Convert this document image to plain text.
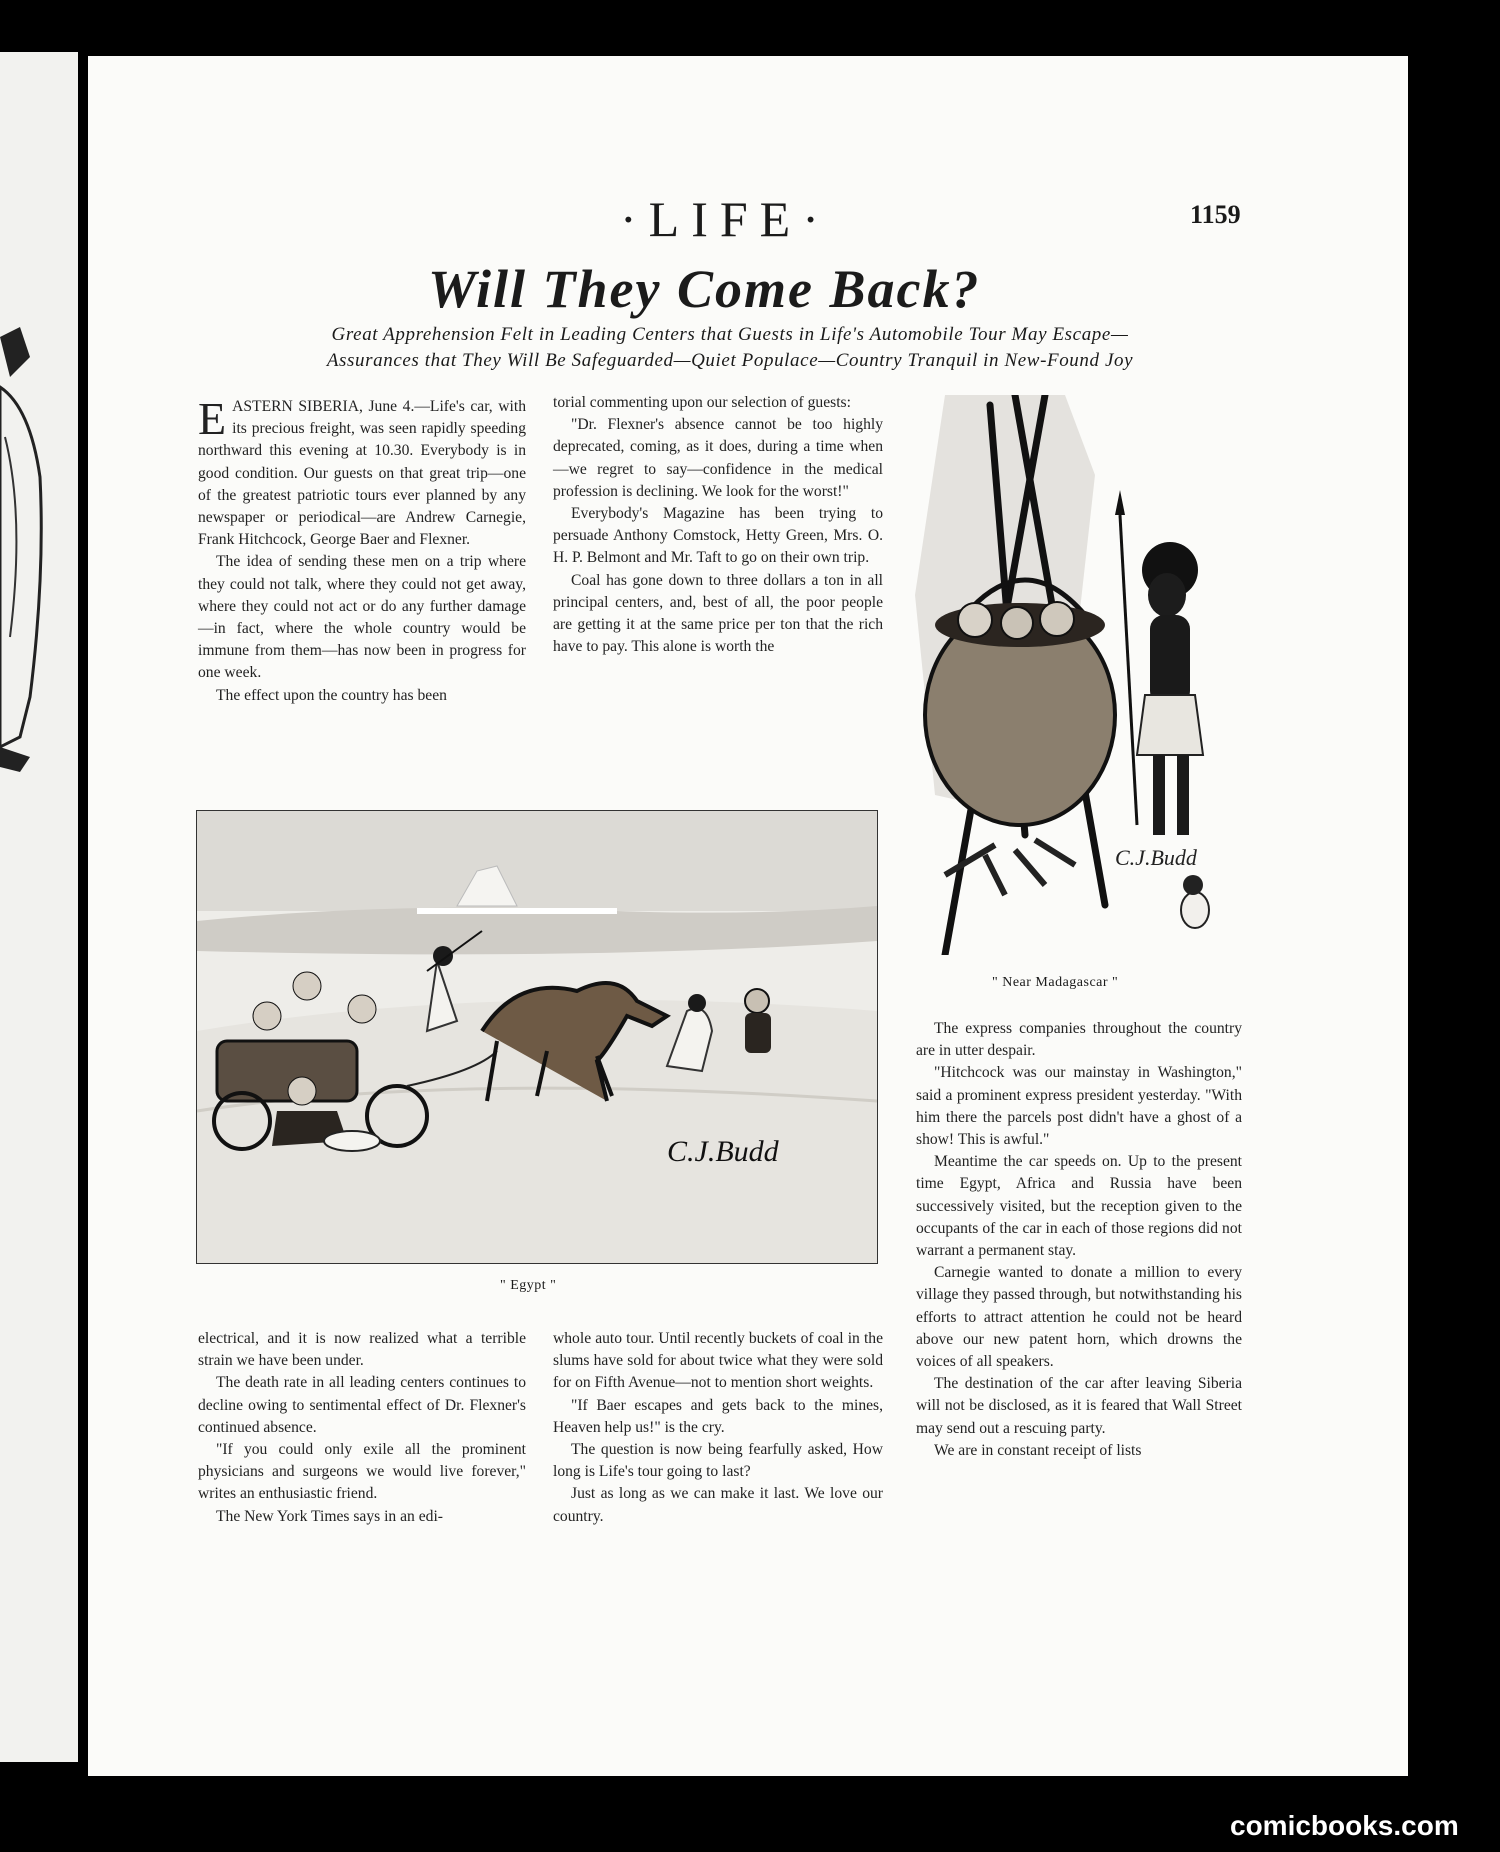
·LIFE·	1159
Will They Come Back?
Great Apprehension Felt in Leading Centers that Guests in Life's Automobile Tour May Escape—
Assurances that They Will Be Safeguarded—Quiet Populace—Country Tranquil in New-Found Joy

EASTERN SIBERIA, June 4.—Life's car, with its precious freight, was seen rapidly speeding northward this evening at 10.30. Everybody is in good condition. Our guests on that great trip—one of the greatest patriotic tours ever planned by any newspaper or periodical—are Andrew Carnegie, Frank Hitchcock, George Baer and Flexner.

The idea of sending these men on a trip where they could not talk, where they could not get away, where they could not act or do any further damage—in fact, where the whole country would be immune from them—has now been in progress for one week.

The effect upon the country has been

torial commenting upon our selection of guests:

"Dr. Flexner's absence cannot be too highly deprecated, coming, as it does, during a time when—we regret to say—confidence in the medical profession is declining. We look for the worst!"

Everybody's Magazine has been trying to persuade Anthony Comstock, Hetty Green, Mrs. O. H. P. Belmont and Mr. Taft to go on their own trip.

Coal has gone down to three dollars a ton in all principal centers, and, best of all, the poor people are getting it at the same price per ton that the rich have to pay. This alone is worth the

C.J.Budd
" Near Madagascar "
C.J.Budd
" Egypt "

electrical, and it is now realized what a terrible strain we have been under.

The death rate in all leading centers continues to decline owing to sentimental effect of Dr. Flexner's continued absence.

"If you could only exile all the prominent physicians and surgeons we would live forever," writes an enthusiastic friend.

The New York Times says in an edi-

whole auto tour. Until recently buckets of coal in the slums have sold for about twice what they were sold for on Fifth Avenue—not to mention short weights.

"If Baer escapes and gets back to the mines, Heaven help us!" is the cry.

The question is now being fearfully asked, How long is Life's tour going to last?

Just as long as we can make it last. We love our country.

The express companies throughout the country are in utter despair.

"Hitchcock was our mainstay in Washington," said a prominent express president yesterday. "With him there the parcels post didn't have a ghost of a show! This is awful."

Meantime the car speeds on. Up to the present time Egypt, Africa and Russia have been successively visited, but the reception given to the occupants of the car in each of those regions did not warrant a permanent stay.

Carnegie wanted to donate a million to every village they passed through, but notwithstanding his efforts to attract attention he could not be heard above our new patent horn, which drowns the voices of all speakers.

The destination of the car after leaving Siberia will not be disclosed, as it is feared that Wall Street may send out a rescuing party.

We are in constant receipt of lists

comicbooks.com
